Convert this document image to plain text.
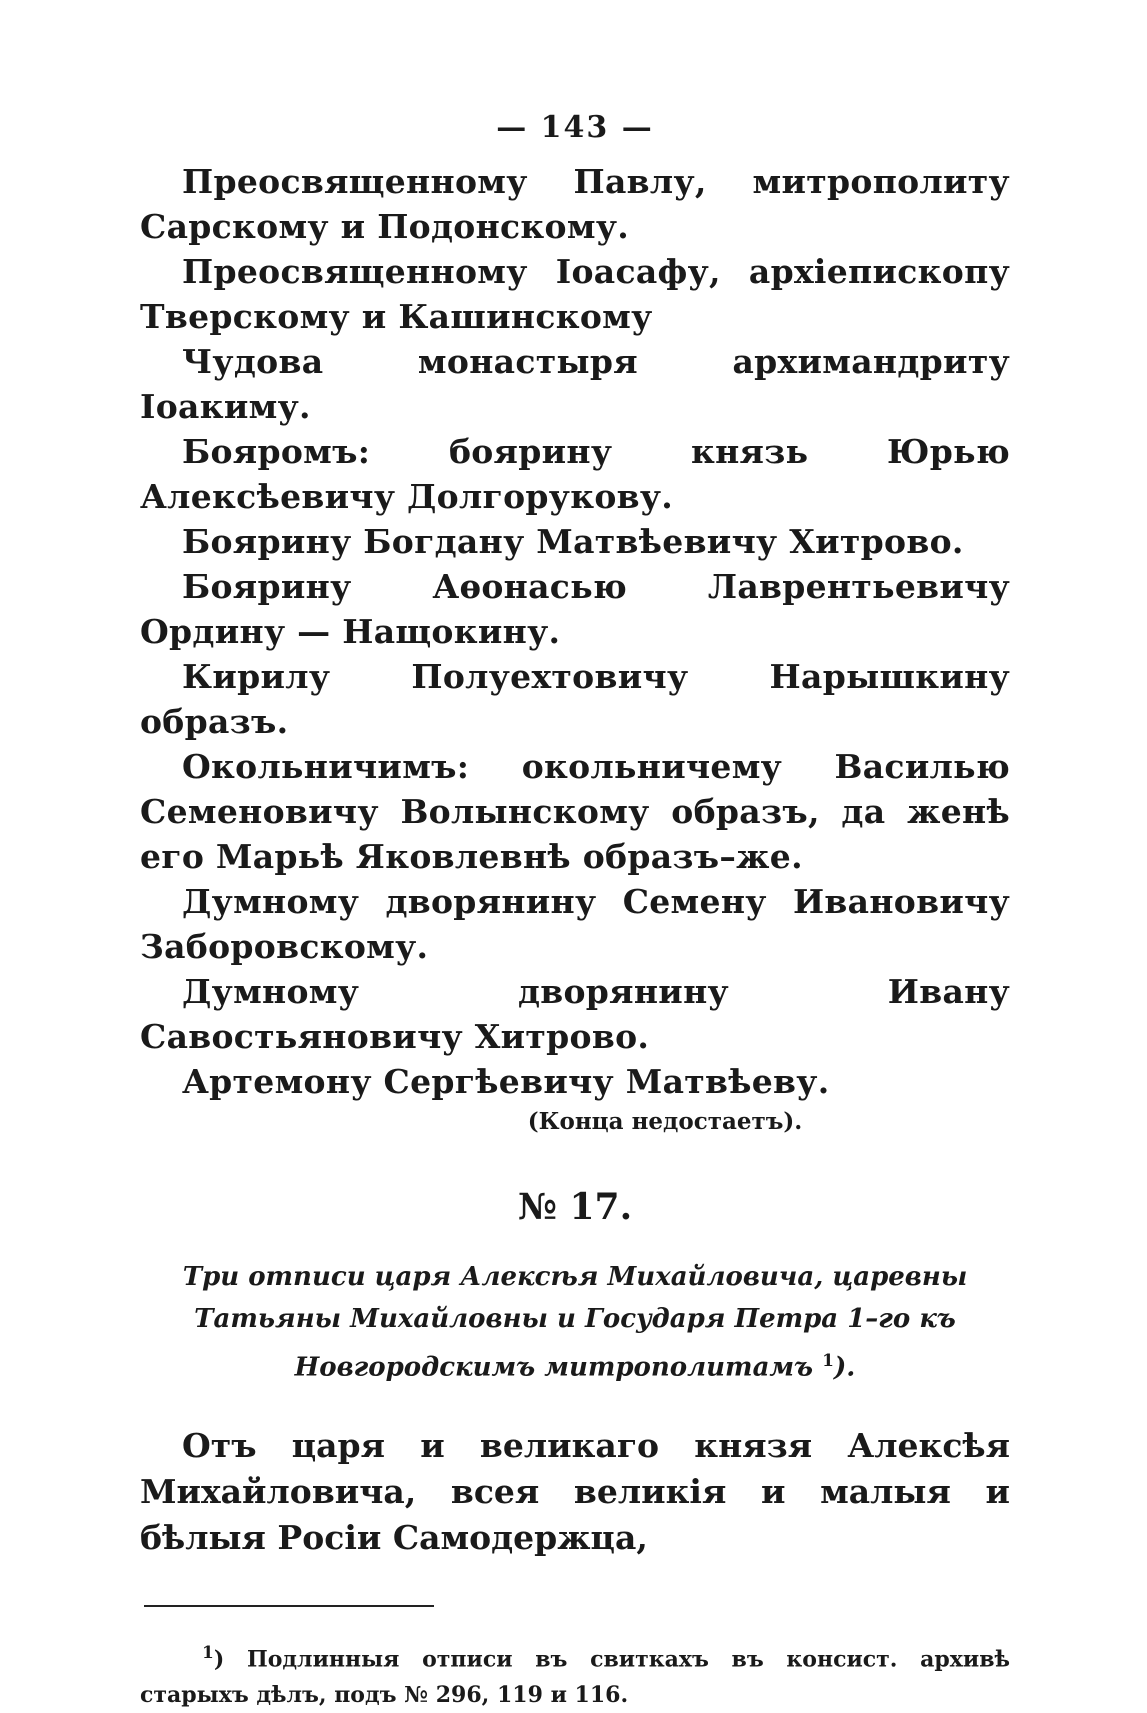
— 143 —

Преосвященному Павлу, митрополиту Сарскому и Подонскому.

Преосвященному Іоасафу, архіепископу Тверскому и Кашинскому

Чудова монастыря архимандриту Іоакиму.

Бояромъ: боярину князь Юрью Алексѣевичу Долгорукову.

Боярину Богдану Матвѣевичу Хитрово.

Боярину Аѳонасью Лаврентьевичу Ордину — Нащокину.

Кирилу Полуехтовичу Нарышкину образъ.

Окольничимъ: окольничему Василью Семеновичу Волынскому образъ, да женѣ его Марьѣ Яковлевнѣ образъ–же.

Думному дворянину Семену Ивановичу Заборовскому.

Думному дворянину Ивану Савостьяновичу Хитрово.

Артемону Сергѣевичу Матвѣеву.

(Конца недостаетъ).
№ 17.
Три отписи царя Алексѣя Михайловича, царевны Татьяны Михайловны и Государя Петра 1–го къ Новгородскимъ митрополитамъ $^1$).

Отъ царя и великаго князя Алексѣя Михайловича, всея великія и малыя и бѣлыя Росіи Самодержца,

$^1$) Подлинныя отписи въ свиткахъ въ консист. архивѣ старыхъ дѣлъ, подъ № 296, 119 и 116.
